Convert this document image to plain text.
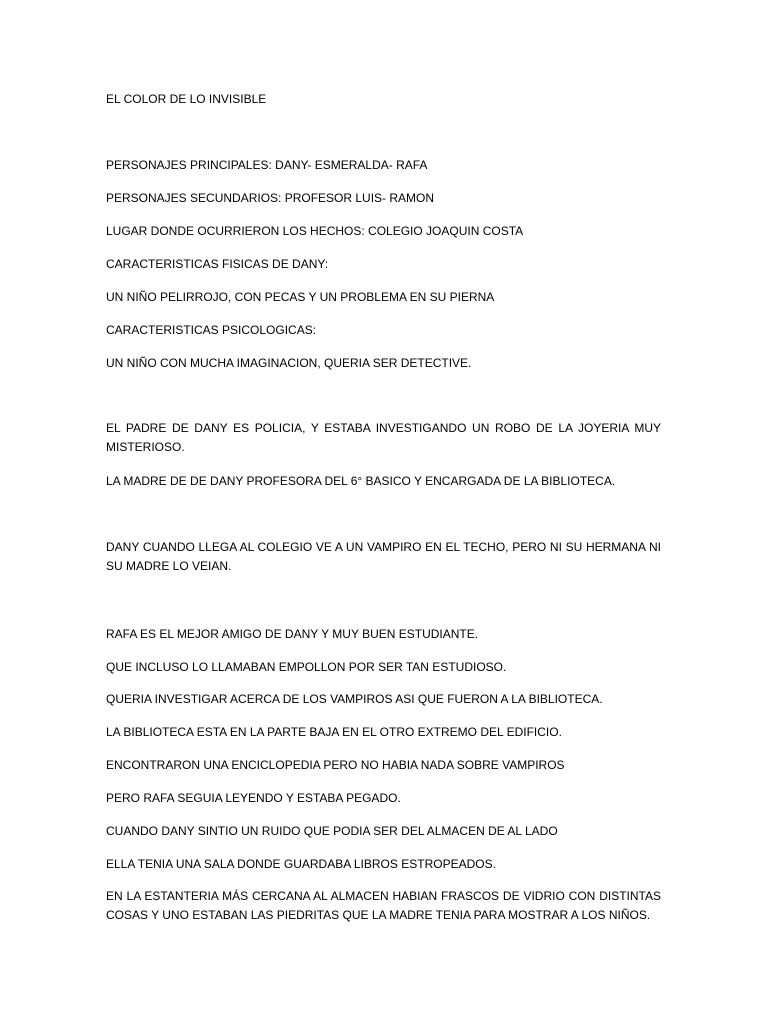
EL COLOR DE LO INVISIBLE

PERSONAJES PRINCIPALES: DANY- ESMERALDA- RAFA

PERSONAJES SECUNDARIOS: PROFESOR LUIS- RAMON

LUGAR DONDE OCURRIERON LOS HECHOS: COLEGIO JOAQUIN COSTA

CARACTERISTICAS FISICAS DE DANY:

UN NIÑO PELIRROJO, CON PECAS Y UN PROBLEMA EN SU PIERNA

CARACTERISTICAS PSICOLOGICAS:

UN NIÑO CON MUCHA IMAGINACION, QUERIA SER DETECTIVE.

EL PADRE DE DANY ES POLICIA, Y ESTABA INVESTIGANDO UN ROBO DE LA JOYERIA MUY MISTERIOSO.

LA MADRE DE DE DANY PROFESORA DEL 6° BASICO Y ENCARGADA DE LA BIBLIOTECA.

DANY CUANDO LLEGA AL COLEGIO VE A UN VAMPIRO EN EL TECHO, PERO NI SU HERMANA NI SU MADRE LO VEIAN.

RAFA ES EL MEJOR AMIGO DE DANY Y MUY BUEN ESTUDIANTE.

QUE INCLUSO LO LLAMABAN EMPOLLON POR SER TAN ESTUDIOSO.

QUERIA INVESTIGAR ACERCA DE LOS VAMPIROS ASI QUE FUERON A LA BIBLIOTECA.

LA BIBLIOTECA ESTA EN LA PARTE BAJA EN EL OTRO EXTREMO DEL EDIFICIO.

ENCONTRARON UNA ENCICLOPEDIA PERO NO HABIA NADA SOBRE VAMPIROS

PERO RAFA SEGUIA LEYENDO Y ESTABA PEGADO.

CUANDO DANY SINTIO UN RUIDO QUE PODIA SER DEL ALMACEN DE AL LADO

ELLA TENIA UNA SALA DONDE GUARDABA LIBROS ESTROPEADOS.

EN LA ESTANTERIA MÁS CERCANA AL ALMACEN HABIAN FRASCOS DE VIDRIO CON DISTINTAS COSAS Y UNO ESTABAN LAS PIEDRITAS QUE LA MADRE TENIA PARA MOSTRAR A LOS NIÑOS.
